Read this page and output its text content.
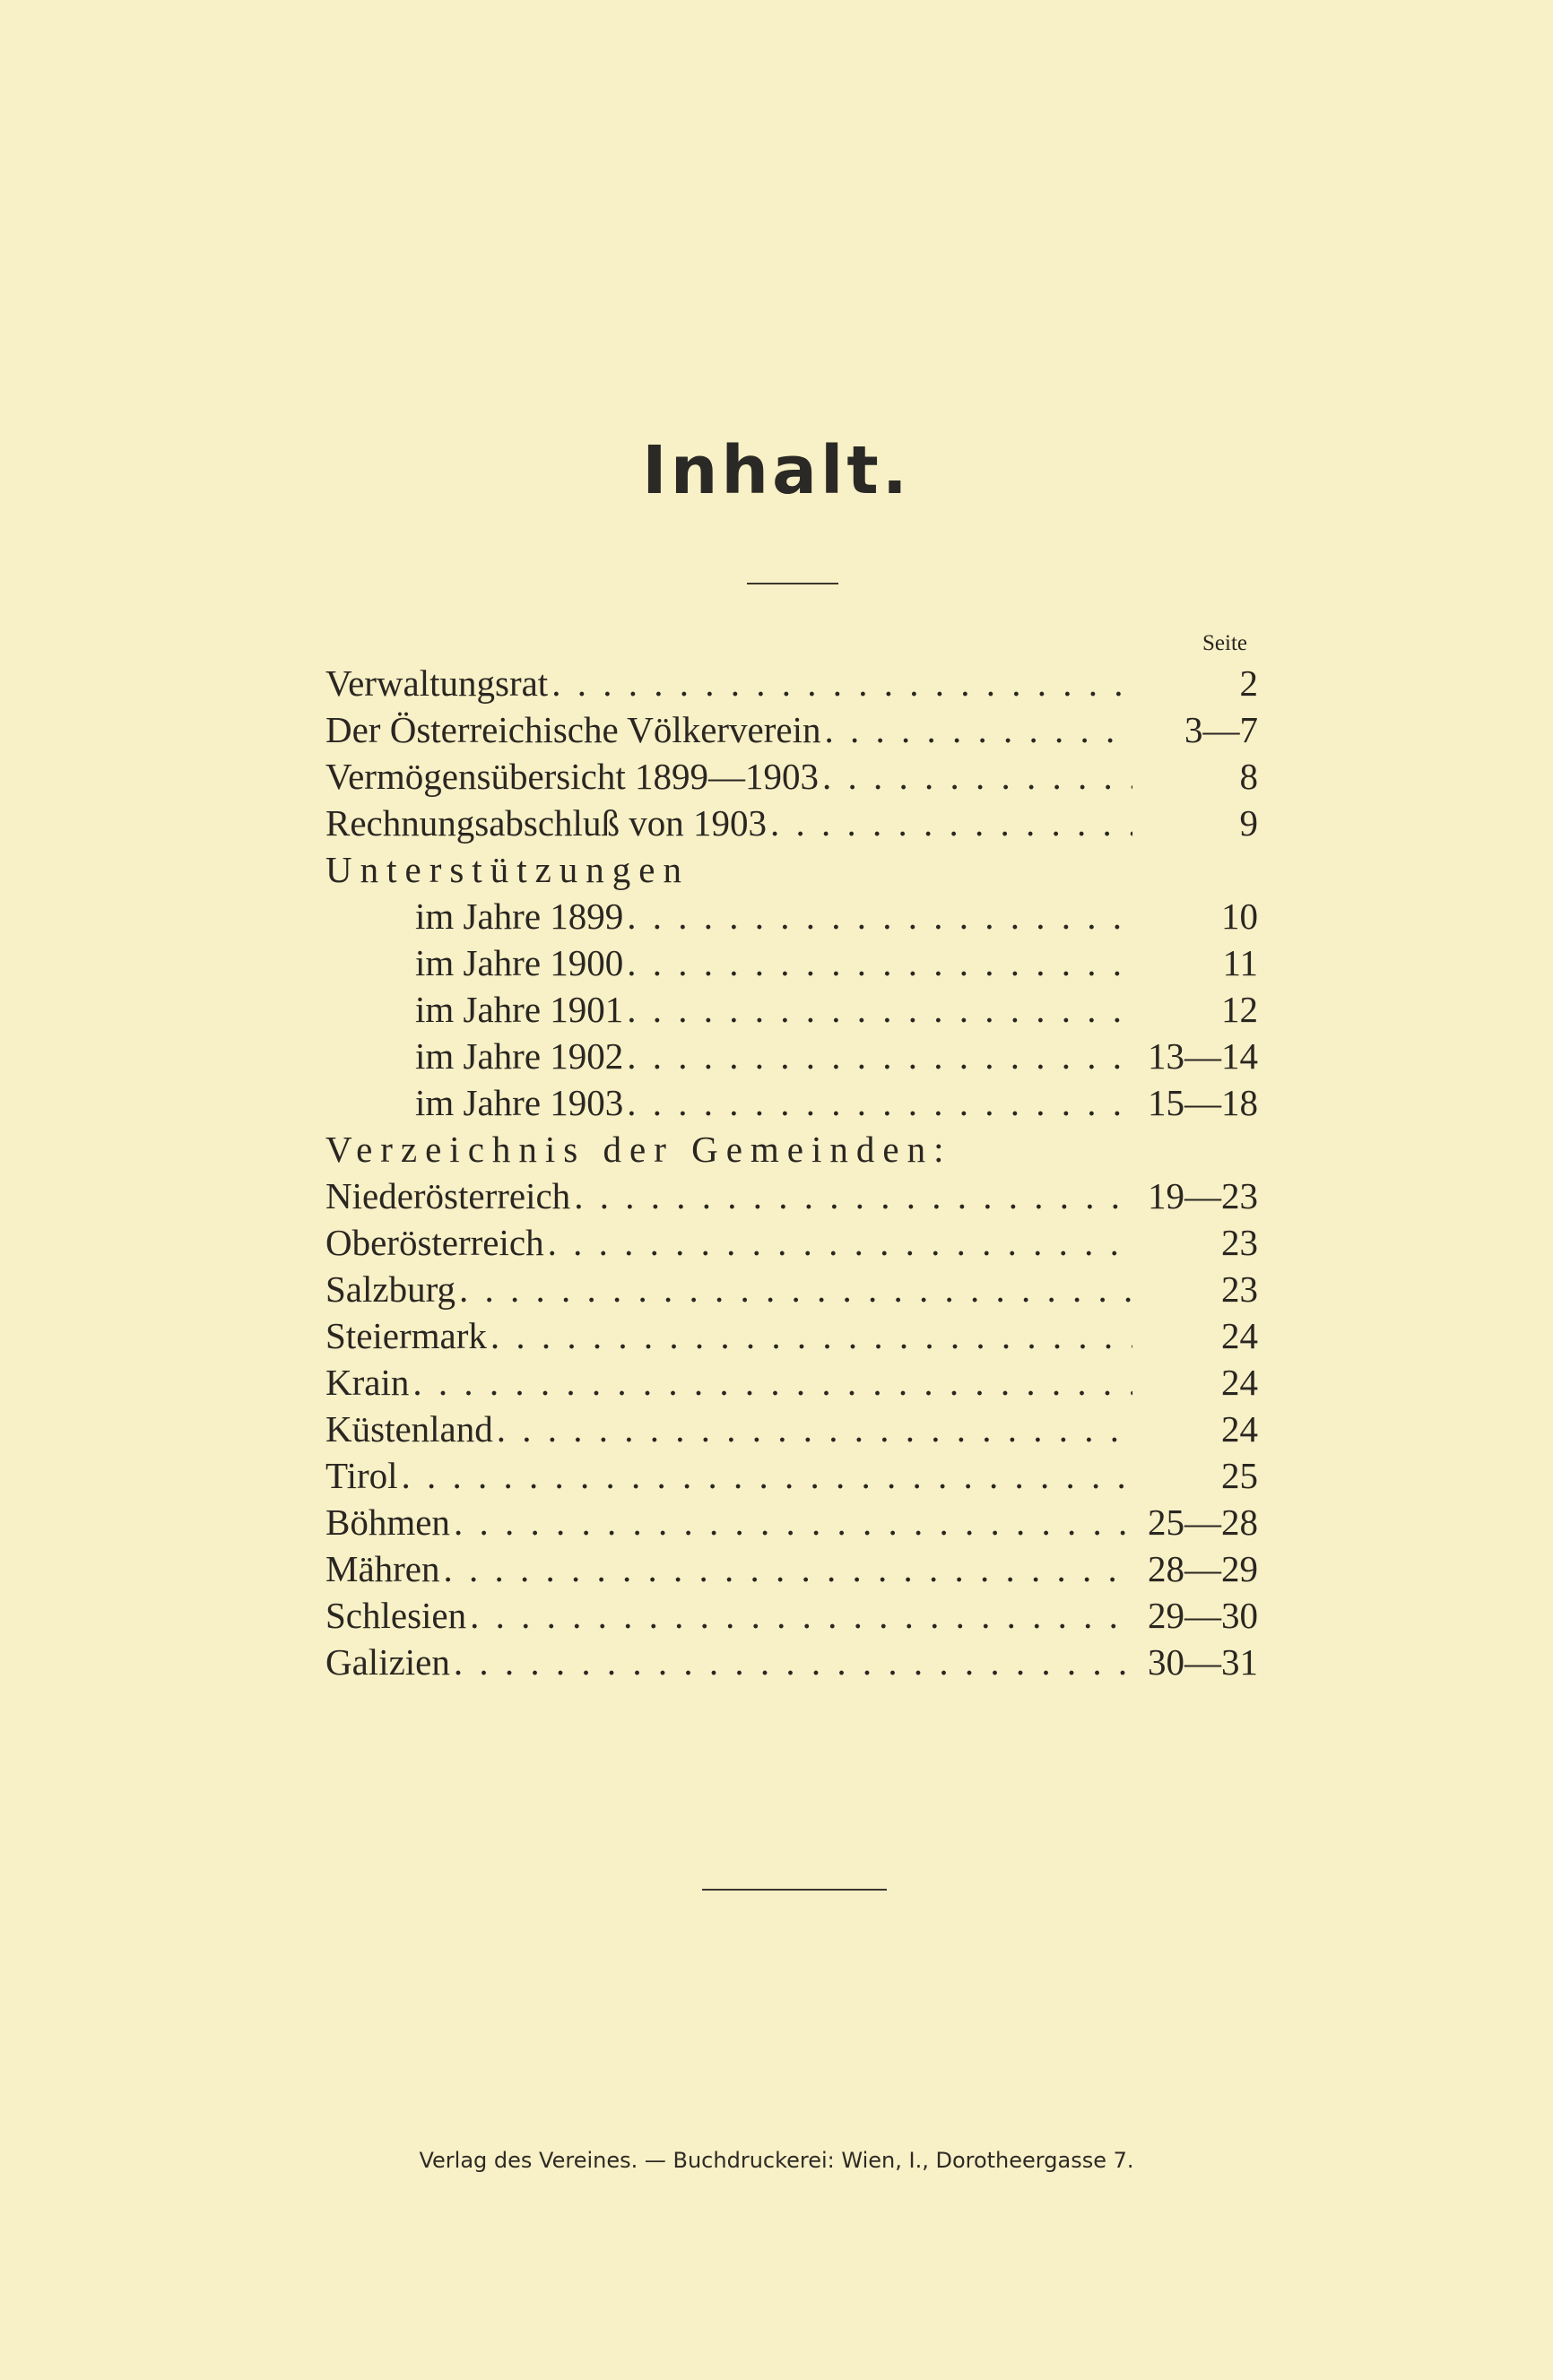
Inhalt.
Seite
Verwaltungsrat . . .	2
Der Österreichische Völkerverein . . .	3—7
Vermögensübersicht 1899—1903 . . .	8
Rechnungsabschluß von 1903 . . .	9
Unterstützungen
im Jahre 1899 . . .	10
im Jahre 1900 . . .	11
im Jahre 1901 . . .	12
im Jahre 1902 . . .	13—14
im Jahre 1903 . . .	15—18
Verzeichnis der Gemeinden:
Niederösterreich . . .	19—23
Oberösterreich . . .	23
Salzburg . . .	23
Steiermark . . .	24
Krain . . .	24
Küstenland . . .	24
Tirol . . .	25
Böhmen . . .	25—28
Mähren . . .	28—29
Schlesien . . .	29—30
Galizien . . .	30—31
Verlag des Vereines. — Buchdruckerei: Wien, I., Dorotheergasse 7.
